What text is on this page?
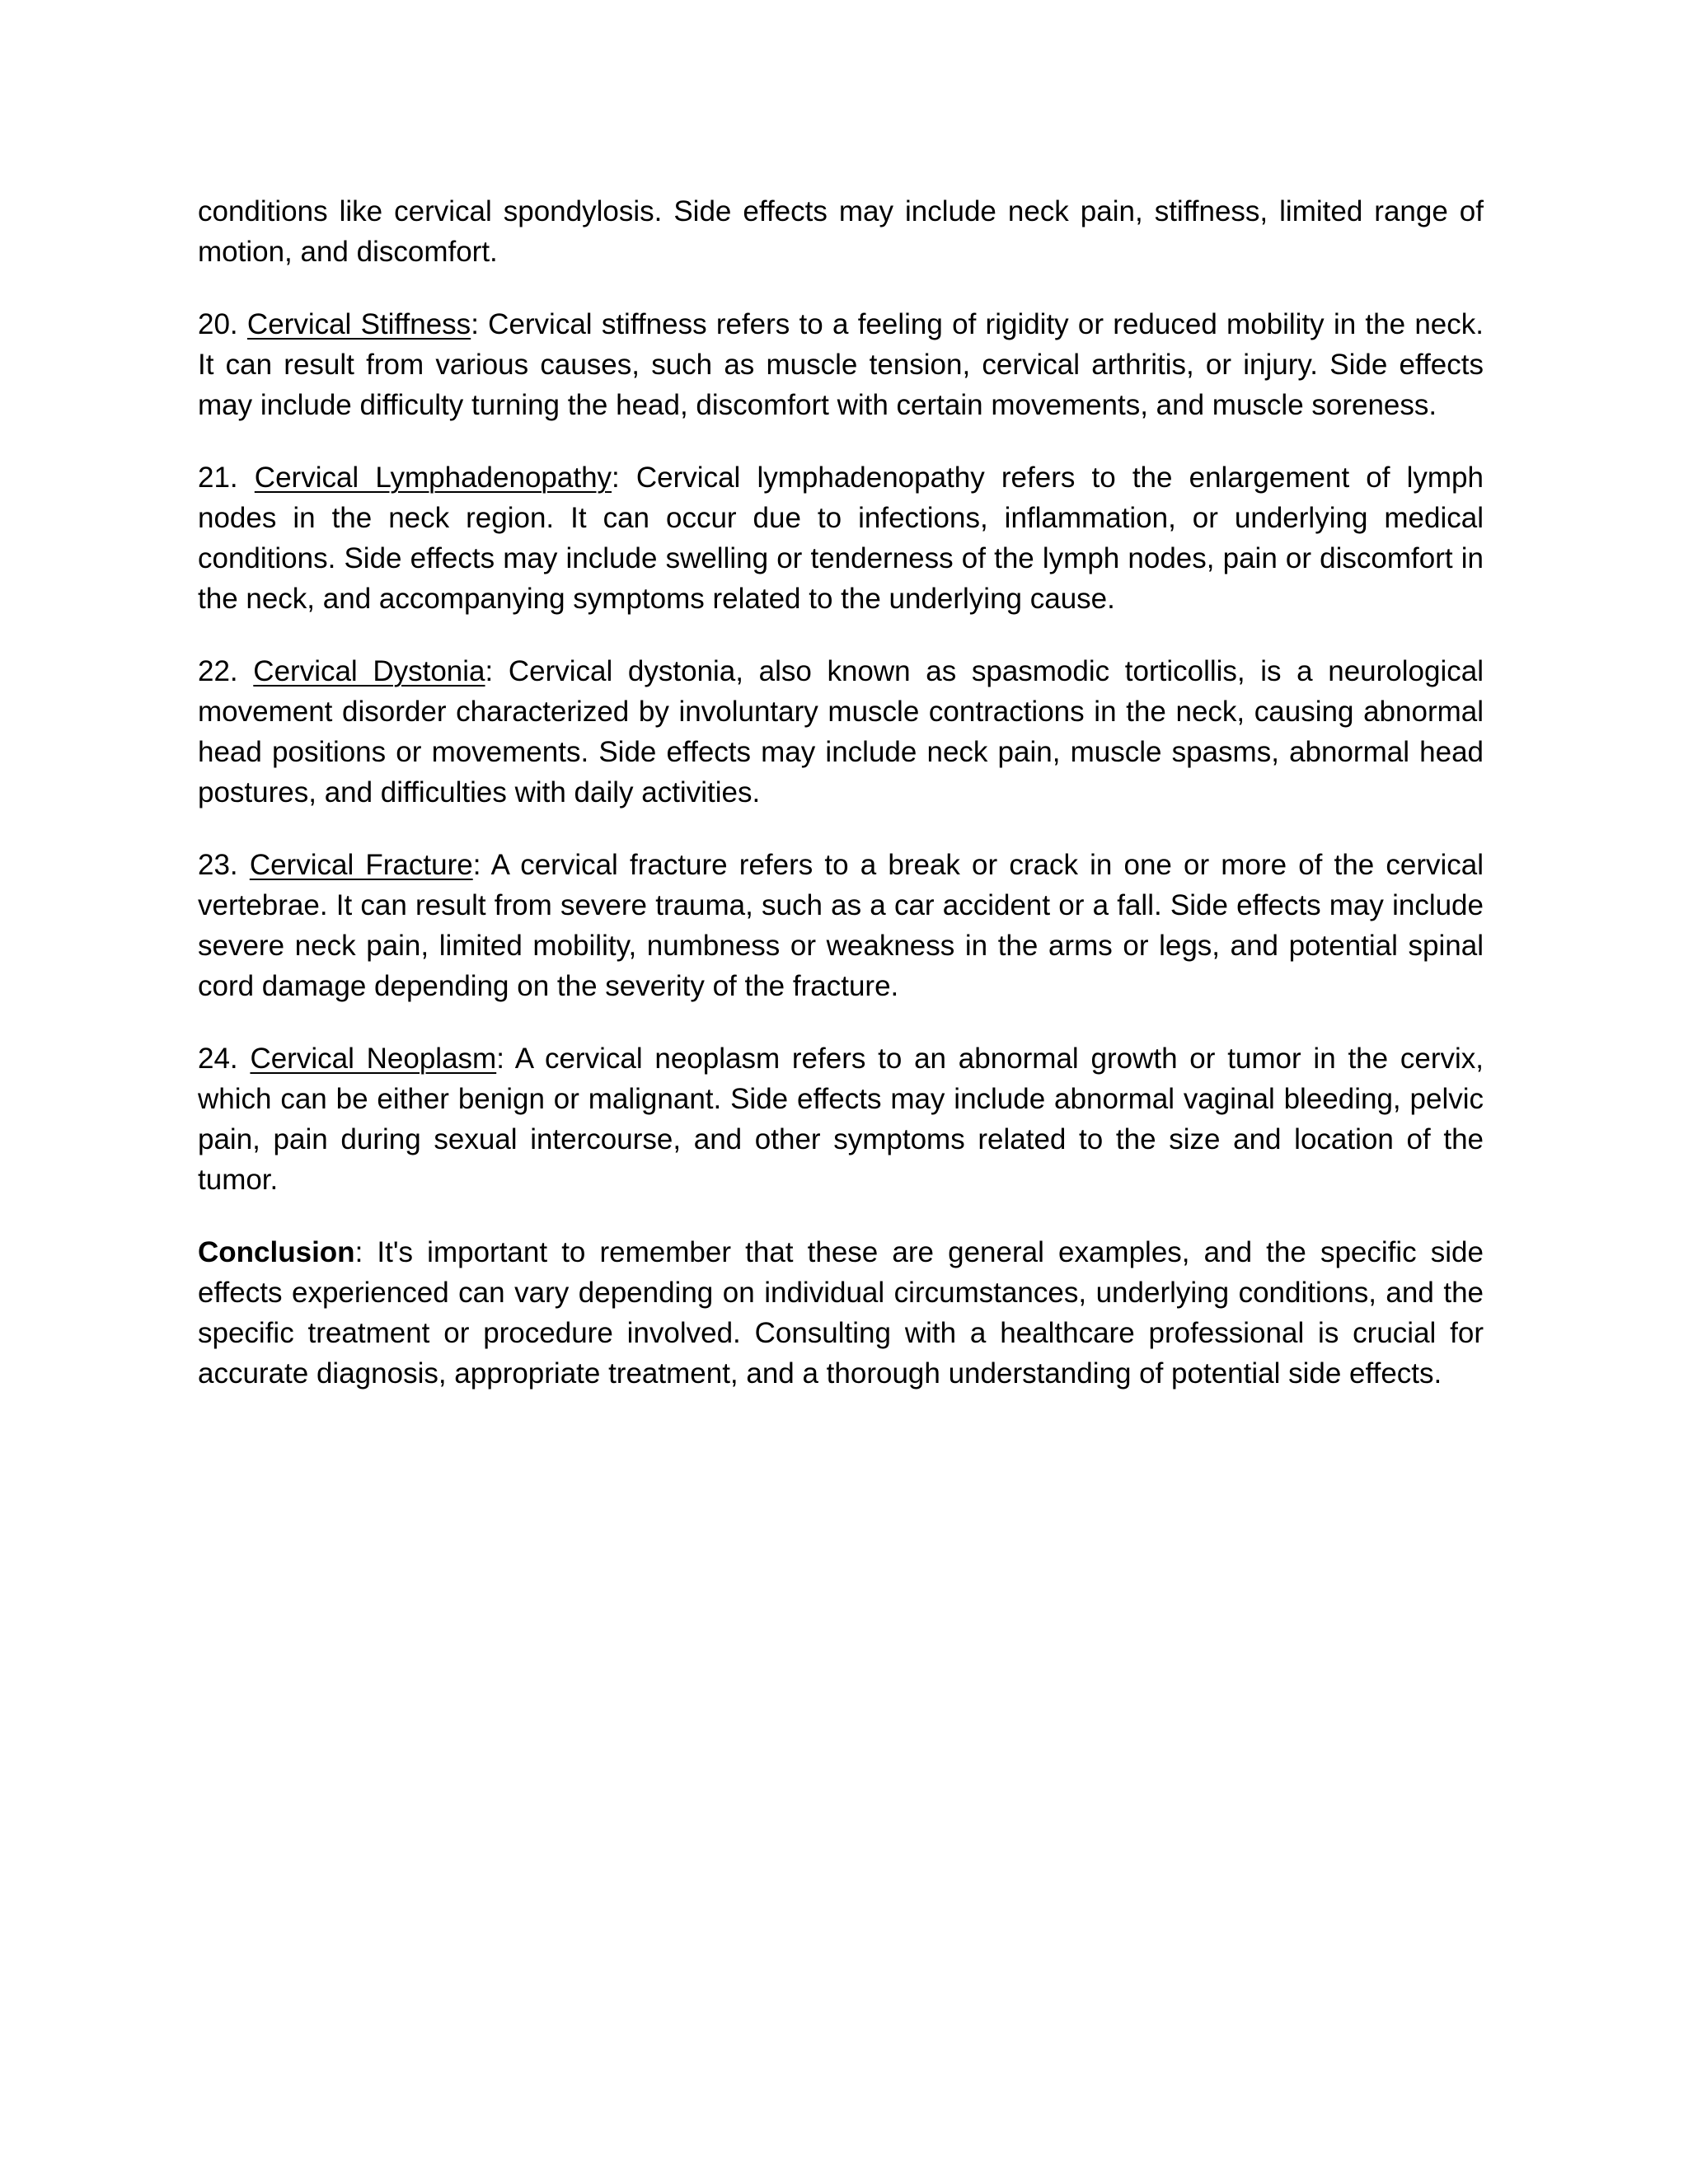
conditions like cervical spondylosis. Side effects may include neck pain, stiffness, limited range of motion, and discomfort.

20. Cervical Stiffness: Cervical stiffness refers to a feeling of rigidity or reduced mobility in the neck. It can result from various causes, such as muscle tension, cervical arthritis, or injury. Side effects may include difficulty turning the head, discomfort with certain movements, and muscle soreness.

21. Cervical Lymphadenopathy: Cervical lymphadenopathy refers to the enlargement of lymph nodes in the neck region. It can occur due to infections, inflammation, or underlying medical conditions. Side effects may include swelling or tenderness of the lymph nodes, pain or discomfort in the neck, and accompanying symptoms related to the underlying cause.

22. Cervical Dystonia: Cervical dystonia, also known as spasmodic torticollis, is a neurological movement disorder characterized by involuntary muscle contractions in the neck, causing abnormal head positions or movements. Side effects may include neck pain, muscle spasms, abnormal head postures, and difficulties with daily activities.

23. Cervical Fracture: A cervical fracture refers to a break or crack in one or more of the cervical vertebrae. It can result from severe trauma, such as a car accident or a fall. Side effects may include severe neck pain, limited mobility, numbness or weakness in the arms or legs, and potential spinal cord damage depending on the severity of the fracture.

24. Cervical Neoplasm: A cervical neoplasm refers to an abnormal growth or tumor in the cervix, which can be either benign or malignant. Side effects may include abnormal vaginal bleeding, pelvic pain, pain during sexual intercourse, and other symptoms related to the size and location of the tumor.

Conclusion: It's important to remember that these are general examples, and the specific side effects experienced can vary depending on individual circumstances, underlying conditions, and the specific treatment or procedure involved. Consulting with a healthcare professional is crucial for accurate diagnosis, appropriate treatment, and a thorough understanding of potential side effects.
